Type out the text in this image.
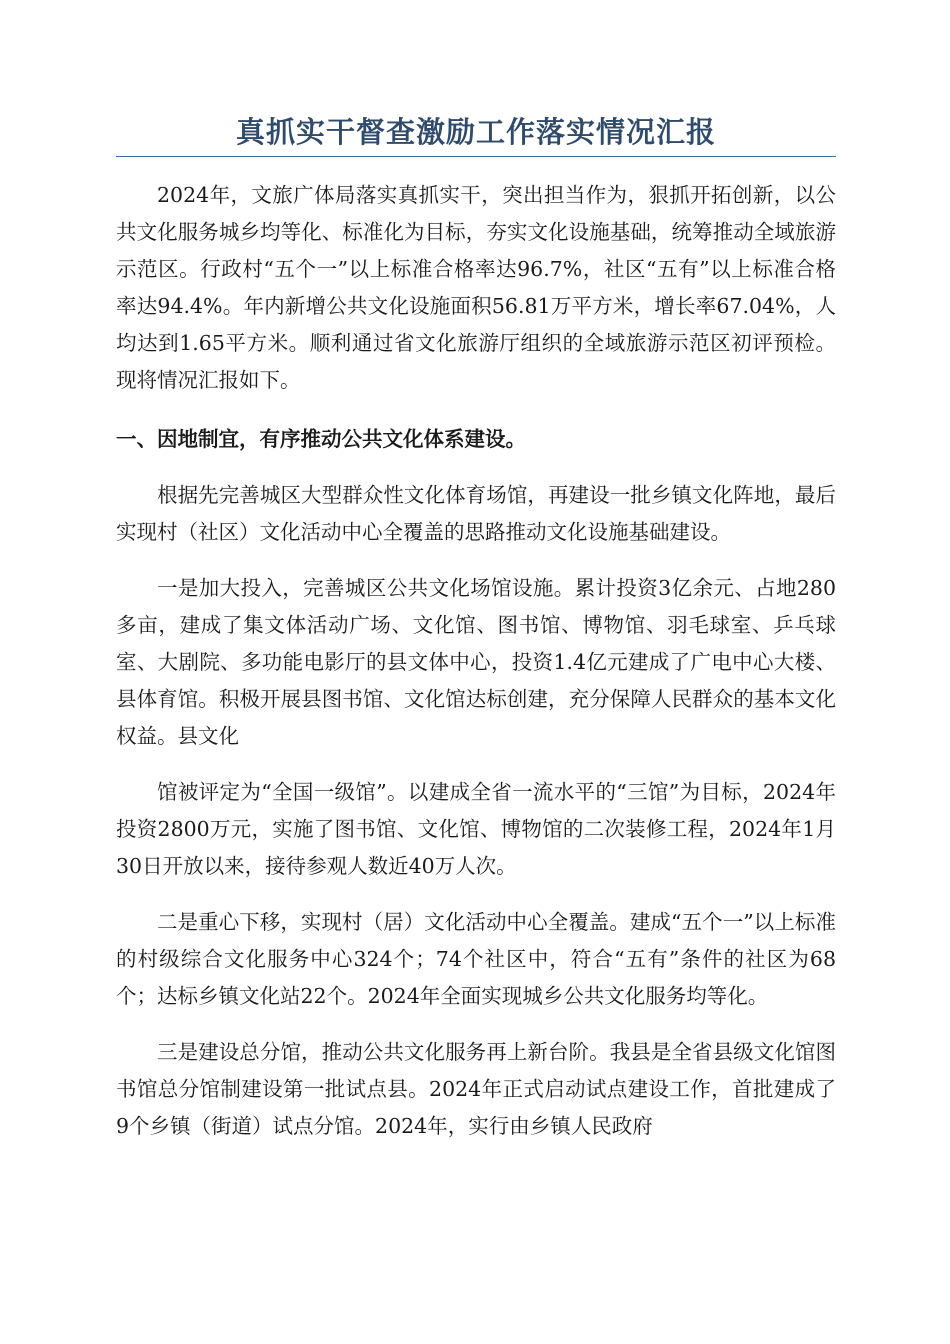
真抓实干督查激励工作落实情况汇报

2024年，文旅广体局落实真抓实干，突出担当作为，狠抓开拓创新，以公共文化服务城乡均等化、标准化为目标，夯实文化设施基础，统筹推动全域旅游示范区。行政村“五个一”以上标准合格率达96.7%，社区“五有”以上标准合格率达94.4%。年内新增公共文化设施面积56.81万平方米，增长率67.04%，人均达到1.65平方米。顺利通过省文化旅游厅组织的全域旅游示范区初评预检。现将情况汇报如下。

一、因地制宜，有序推动公共文化体系建设。

根据先完善城区大型群众性文化体育场馆，再建设一批乡镇文化阵地，最后实现村（社区）文化活动中心全覆盖的思路推动文化设施基础建设。

一是加大投入，完善城区公共文化场馆设施。累计投资3亿余元、占地280多亩，建成了集文体活动广场、文化馆、图书馆、博物馆、羽毛球室、乒乓球室、大剧院、多功能电影厅的县文体中心，投资1.4亿元建成了广电中心大楼、县体育馆。积极开展县图书馆、文化馆达标创建，充分保障人民群众的基本文化权益。县文化

馆被评定为“全国一级馆”。以建成全省一流水平的“三馆”为目标，2024年投资2800万元，实施了图书馆、文化馆、博物馆的二次装修工程，2024年1月30日开放以来，接待参观人数近40万人次。

二是重心下移，实现村（居）文化活动中心全覆盖。建成“五个一”以上标准的村级综合文化服务中心324个；74个社区中，符合“五有”条件的社区为68个；达标乡镇文化站22个。2024年全面实现城乡公共文化服务均等化。

三是建设总分馆，推动公共文化服务再上新台阶。我县是全省县级文化馆图书馆总分馆制建设第一批试点县。2024年正式启动试点建设工作，首批建成了9个乡镇（街道）试点分馆。2024年，实行由乡镇人民政府
